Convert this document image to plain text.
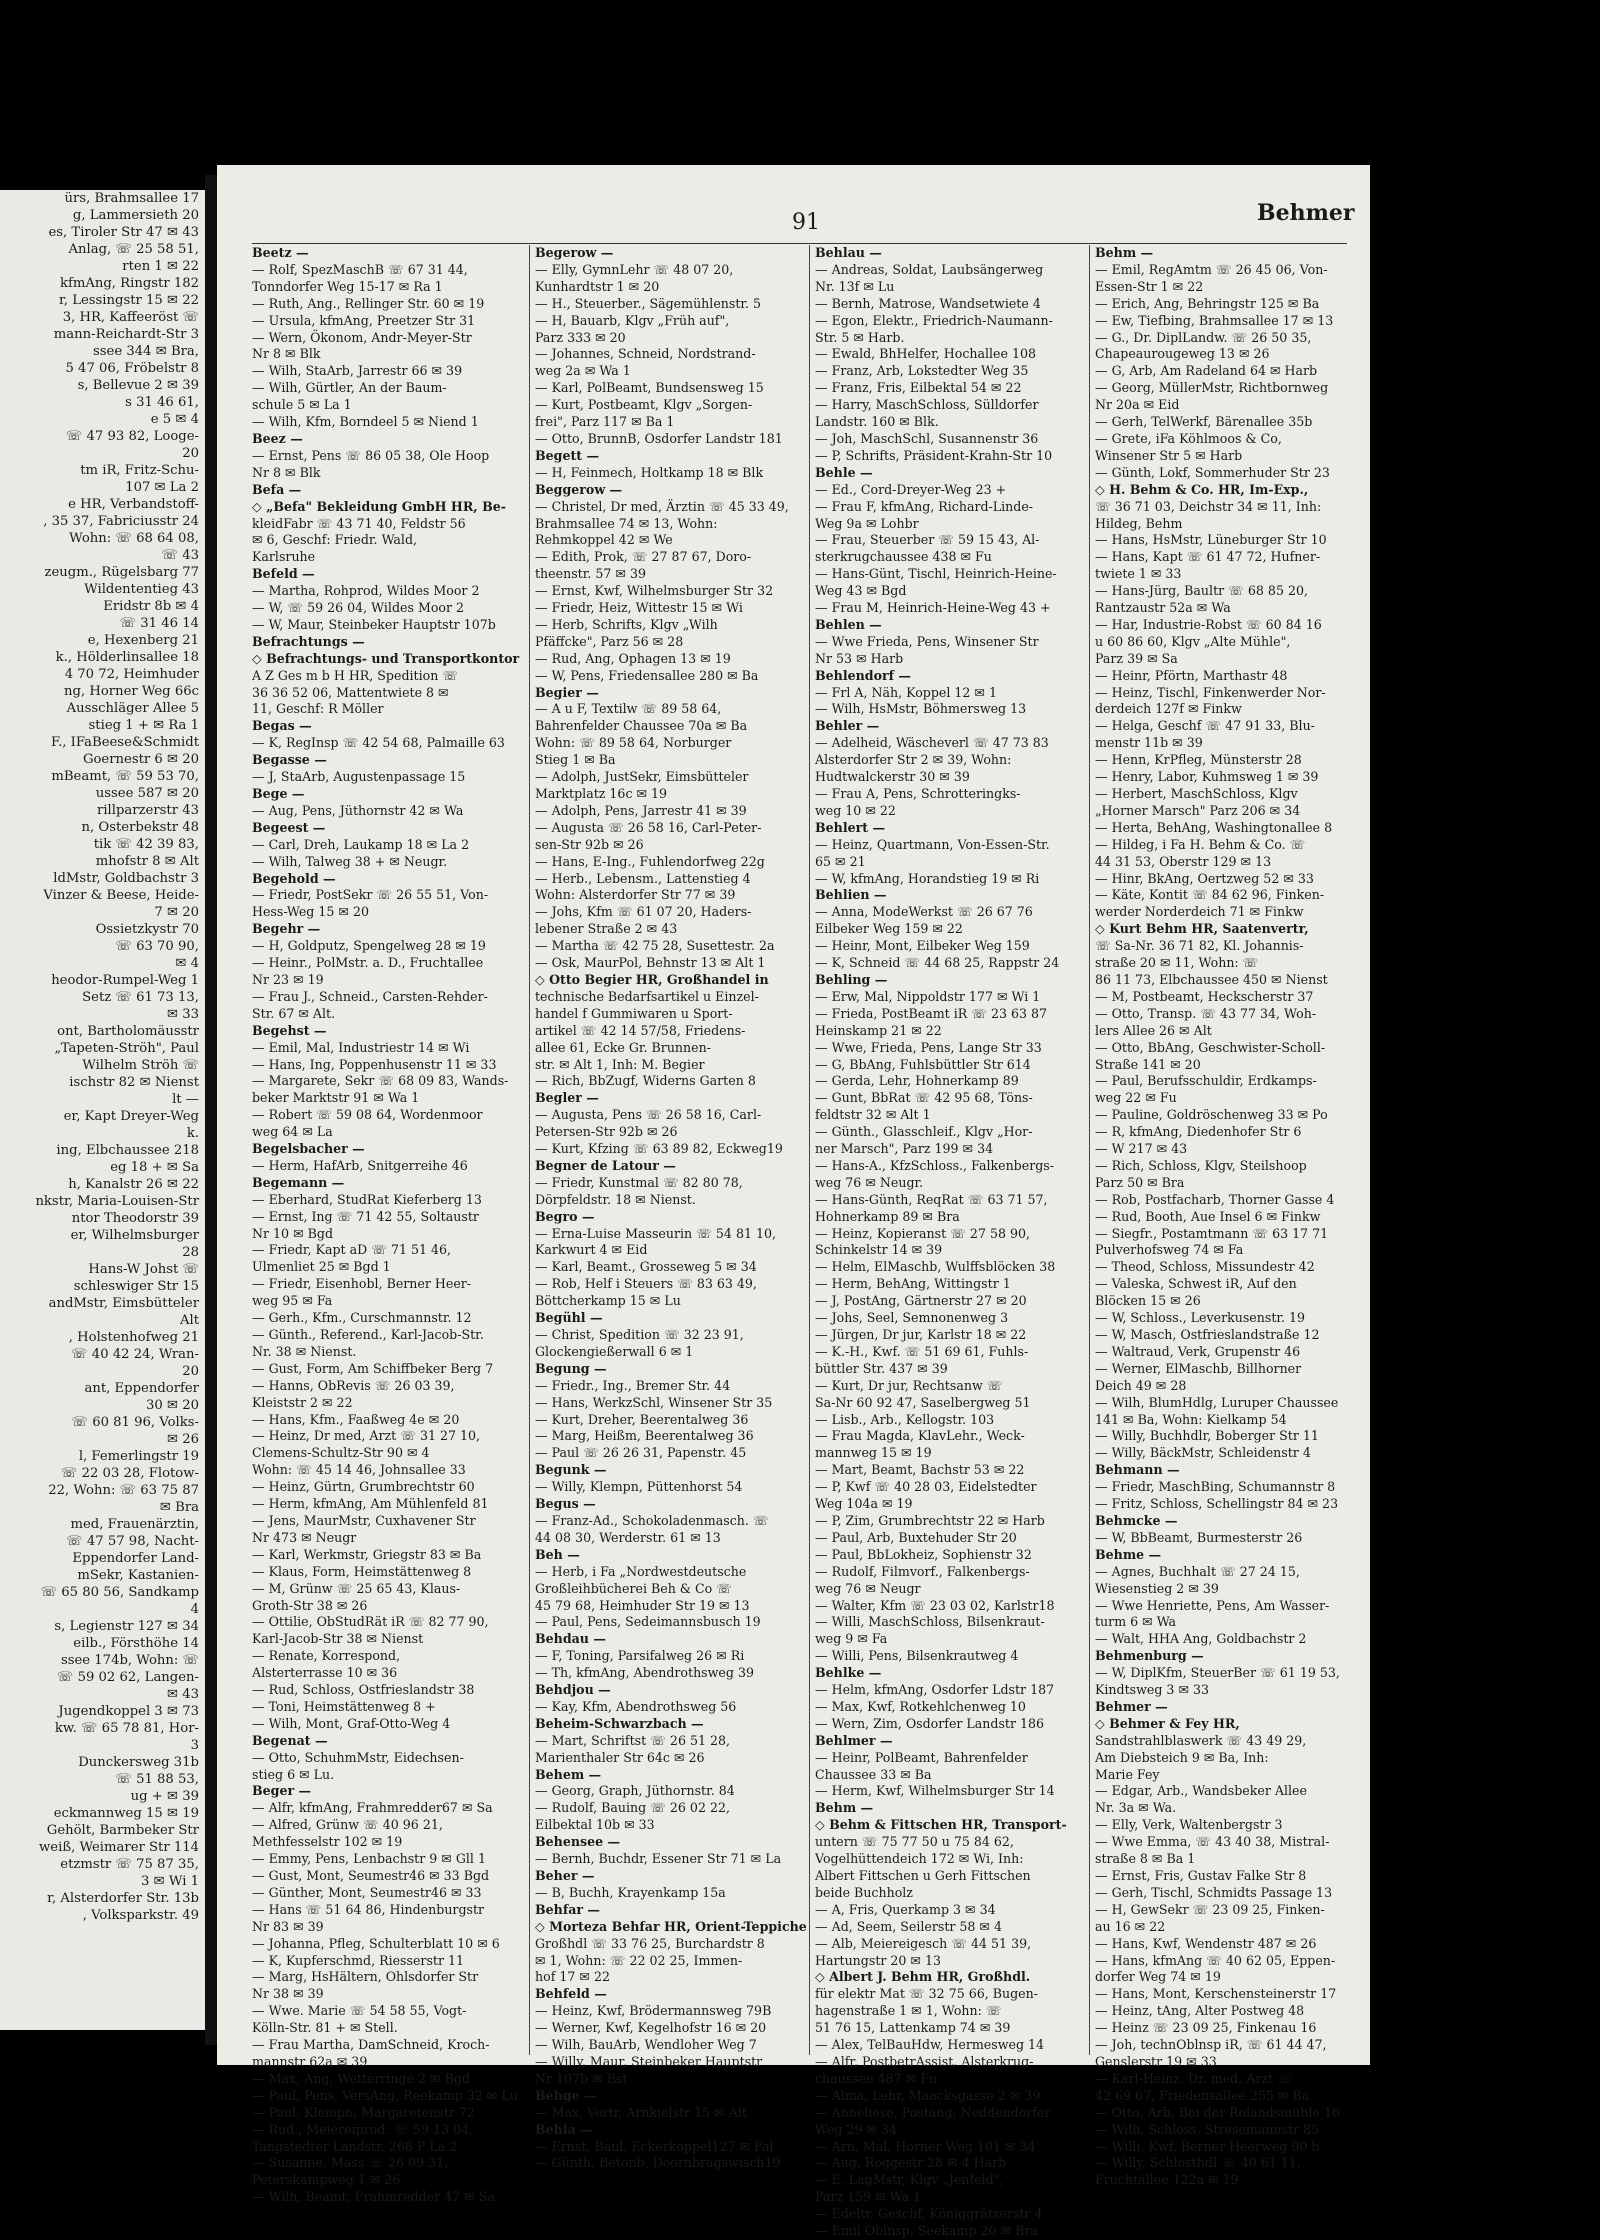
ürs, Brahmsallee 17
g, Lammersieth 20
es, Tiroler Str 47 ✉ 43
Anlag, ☏ 25 58 51,
rten 1 ✉ 22
kfmAng, Ringstr 182
r, Lessingstr 15 ✉ 22
3, HR, Kaffeeröst ☏
mann-Reichardt-Str 3
ssee 344 ✉ Bra,
5 47 06, Fröbelstr 8
s, Bellevue 2 ✉ 39
s 31 46 61,
e 5 ✉ 4
☏ 47 93 82, Looge-
20
tm iR, Fritz-Schu-
107 ✉ La 2
e HR, Verbandstoff-
, 35 37, Fabriciusstr 24
Wohn: ☏ 68 64 08,
☏ 43
zeugm., Rügelsbarg 77
Wildententieg 43
Eridstr 8b ✉ 4
☏ 31 46 14
e, Hexenberg 21
k., Hölderlinsallee 18
4 70 72, Heimhuder
ng, Horner Weg 66c
Ausschläger Allee 5
stieg 1 + ✉ Ra 1
F., IFaBeese&Schmidt
Goernestr 6 ✉ 20
mBeamt, ☏ 59 53 70,
ussee 587 ✉ 20
rillparzerstr 43
n, Osterbekstr 48
tik ☏ 42 39 83,
mhofstr 8 ✉ Alt
ldMstr, Goldbachstr 3
Vinzer & Beese, Heide-
7 ✉ 20
Ossietzkystr 70
☏ 63 70 90,
✉ 4
heodor-Rumpel-Weg 1
Setz ☏ 61 73 13,
✉ 33
ont, Bartholomäusstr
„Tapeten-Ströh", Paul
Wilhelm Ströh ☏
ischstr 82 ✉ Nienst
lt —
er, Kapt Dreyer-Weg
k.
ing, Elbchaussee 218
eg 18 + ✉ Sa
h, Kanalstr 26 ✉ 22
nkstr, Maria-Louisen-Str
ntor Theodorstr 39
er, Wilhelmsburger
28
Hans-W Johst ☏
schleswiger Str 15
andMstr, Eimsbütteler
Alt
, Holstenhofweg 21
☏ 40 42 24, Wran-
20
ant, Eppendorfer
30 ✉ 20
☏ 60 81 96, Volks-
✉ 26
l, Femerlingstr 19
☏ 22 03 28, Flotow-
22, Wohn: ☏ 63 75 87
✉ Bra
med, Frauenärztin,
☏ 47 57 98, Nacht-
Eppendorfer Land-
mSekr, Kastanien-
☏ 65 80 56, Sandkamp
4
s, Legienstr 127 ✉ 34
eilb., Försthöhe 14
ssee 174b, Wohn: ☏
☏ 59 02 62, Langen-
✉ 43
Jugendkoppel 3 ✉ 73
kw. ☏ 65 78 81, Hor-
3
Dunckersweg 31b
☏ 51 88 53,
ug + ✉ 39
eckmannweg 15 ✉ 19
Gehölt, Barmbeker Str
weiß, Weimarer Str 114
etzmstr ☏ 75 87 35,
3 ✉ Wi 1
r, Alsterdorfer Str. 13b
, Volksparkstr. 49
91	Behmer
Beetz —
— Rolf, SpezMaschB ☏ 67 31 44,
Tonndorfer Weg 15-17 ✉ Ra 1
— Ruth, Ang., Rellinger Str. 60 ✉ 19
— Ursula, kfmAng, Preetzer Str 31
— Wern, Ökonom, Andr-Meyer-Str
Nr 8 ✉ Blk
— Wilh, StaArb, Jarrestr 66 ✉ 39
— Wilh, Gürtler, An der Baum-
schule 5 ✉ La 1
— Wilh, Kfm, Borndeel 5 ✉ Niend 1
Beez —
— Ernst, Pens ☏ 86 05 38, Ole Hoop
Nr 8 ✉ Blk
Befa —
◇ „Befa" Bekleidung GmbH HR, Be-
kleidFabr ☏ 43 71 40, Feldstr 56
✉ 6, Geschf: Friedr. Wald,
Karlsruhe
Befeld —
— Martha, Rohprod, Wildes Moor 2
— W, ☏ 59 26 04, Wildes Moor 2
— W, Maur, Steinbeker Hauptstr 107b
Befrachtungs —
◇ Befrachtungs- und Transportkontor
A Z Ges m b H HR, Spedition ☏
36 36 52 06, Mattentwiete 8 ✉
11, Geschf: R Möller
Begas —
— K, RegInsp ☏ 42 54 68, Palmaille 63
Begasse —
— J, StaArb, Augustenpassage 15
Bege —
— Aug, Pens, Jüthornstr 42 ✉ Wa
Begeest —
— Carl, Dreh, Laukamp 18 ✉ La 2
— Wilh, Talweg 38 + ✉ Neugr.
Begehold —
— Friedr, PostSekr ☏ 26 55 51, Von-
Hess-Weg 15 ✉ 20
Begehr —
— H, Goldputz, Spengelweg 28 ✉ 19
— Heinr., PolMstr. a. D., Fruchtallee
Nr 23 ✉ 19
— Frau J., Schneid., Carsten-Rehder-
Str. 67 ✉ Alt.
Begehst —
— Emil, Mal, Industriestr 14 ✉ Wi
— Hans, Ing, Poppenhusenstr 11 ✉ 33
— Margarete, Sekr ☏ 68 09 83, Wands-
beker Marktstr 91 ✉ Wa 1
— Robert ☏ 59 08 64, Wordenmoor
weg 64 ✉ La
Begelsbacher —
— Herm, HafArb, Snitgerreihe 46
Begemann —
— Eberhard, StudRat Kieferberg 13
— Ernst, Ing ☏ 71 42 55, Soltaustr
Nr 10 ✉ Bgd
— Friedr, Kapt aD ☏ 71 51 46,
Ulmenliet 25 ✉ Bgd 1
— Friedr, Eisenhobl, Berner Heer-
weg 95 ✉ Fa
— Gerh., Kfm., Curschmannstr. 12
— Günth., Referend., Karl-Jacob-Str.
Nr. 38 ✉ Nienst.
— Gust, Form, Am Schiffbeker Berg 7
— Hanns, ObRevis ☏ 26 03 39,
Kleiststr 2 ✉ 22
— Hans, Kfm., Faaßweg 4e ✉ 20
— Heinz, Dr med, Arzt ☏ 31 27 10,
Clemens-Schultz-Str 90 ✉ 4
Wohn: ☏ 45 14 46, Johnsallee 33
— Heinz, Gürtn, Grumbrechtstr 60
— Herm, kfmAng, Am Mühlenfeld 81
— Jens, MaurMstr, Cuxhavener Str
Nr 473 ✉ Neugr
— Karl, Werkmstr, Griegstr 83 ✉ Ba
— Klaus, Form, Heimstättenweg 8
— M, Grünw ☏ 25 65 43, Klaus-
Groth-Str 38 ✉ 26
— Ottilie, ObStudRät iR ☏ 82 77 90,
Karl-Jacob-Str 38 ✉ Nienst
— Renate, Korrespond,
Alsterterrasse 10 ✉ 36
— Rud, Schloss, Ostfrieslandstr 38
— Toni, Heimstättenweg 8 +
— Wilh, Mont, Graf-Otto-Weg 4
Begenat —
— Otto, SchuhmMstr, Eidechsen-
stieg 6 ✉ Lu.
Beger —
— Alfr, kfmAng, Frahmredder67 ✉ Sa
— Alfred, Grünw ☏ 40 96 21,
Methfesselstr 102 ✉ 19
— Emmy, Pens, Lenbachstr 9 ✉ Gll 1
— Gust, Mont, Seumestr46 ✉ 33 Bgd
— Günther, Mont, Seumestr46 ✉ 33
— Hans ☏ 51 64 86, Hindenburgstr
Nr 83 ✉ 39
— Johanna, Pfleg, Schulterblatt 10 ✉ 6
— K, Kupferschmd, Riesserstr 11
— Marg, HsHältern, Ohlsdorfer Str
Nr 38 ✉ 39
— Wwe. Marie ☏ 54 58 55, Vogt-
Kölln-Str. 81 + ✉ Stell.
— Frau Martha, DamSchneid, Kroch-
mannstr 62a ✉ 39
— Max, Ang, Wetterringe 2 ✉ Bgd
— Paul, Pens, VersAng, Reekamp 32 ✉ Lu
— Paul, Klempn, Margaretenstr 72
— Rud., Meiereiprod. ☏ 59 13 04,
Tangstedter Landstr. 268 P La 2
— Susanne, Mass ☏ 26 09 31,
Peterskampweg 1 ✉ 26
— Wilh, Beamt, Frahmredder 47 ✉ Sa
Begerow —
— Elly, GymnLehr ☏ 48 07 20,
Kunhardtstr 1 ✉ 20
— H., Steuerber., Sägemühlenstr. 5
— H, Bauarb, Klgv „Früh auf",
Parz 333 ✉ 20
— Johannes, Schneid, Nordstrand-
weg 2a ✉ Wa 1
— Karl, PolBeamt, Bundsensweg 15
— Kurt, Postbeamt, Klgv „Sorgen-
frei", Parz 117 ✉ Ba 1
— Otto, BrunnB, Osdorfer Landstr 181
Begett —
— H, Feinmech, Holtkamp 18 ✉ Blk
Beggerow —
— Christel, Dr med, Ärztin ☏ 45 33 49,
Brahmsallee 74 ✉ 13, Wohn:
Rehmkoppel 42 ✉ We
— Edith, Prok, ☏ 27 87 67, Doro-
theenstr. 57 ✉ 39
— Ernst, Kwf, Wilhelmsburger Str 32
— Friedr, Heiz, Wittestr 15 ✉ Wi
— Herb, Schrifts, Klgv „Wilh
Pfäffcke", Parz 56 ✉ 28
— Rud, Ang, Ophagen 13 ✉ 19
— W, Pens, Friedensallee 280 ✉ Ba
Begier —
— A u F, Textilw ☏ 89 58 64,
Bahrenfelder Chaussee 70a ✉ Ba
Wohn: ☏ 89 58 64, Norburger
Stieg 1 ✉ Ba
— Adolph, JustSekr, Eimsbütteler
Marktplatz 16c ✉ 19
— Adolph, Pens, Jarrestr 41 ✉ 39
— Augusta ☏ 26 58 16, Carl-Peter-
sen-Str 92b ✉ 26
— Hans, E-Ing., Fuhlendorfweg 22g
— Herb., Lebensm., Lattenstieg 4
Wohn: Alsterdorfer Str 77 ✉ 39
— Johs, Kfm ☏ 61 07 20, Haders-
lebener Straße 2 ✉ 43
— Martha ☏ 42 75 28, Susettestr. 2a
— Osk, MaurPol, Behnstr 13 ✉ Alt 1
◇ Otto Begier HR, Großhandel in
technische Bedarfsartikel u Einzel-
handel f Gummiwaren u Sport-
artikel ☏ 42 14 57/58, Friedens-
allee 61, Ecke Gr. Brunnen-
str. ✉ Alt 1, Inh: M. Begier
— Rich, BbZugf, Widerns Garten 8
Begler —
— Augusta, Pens ☏ 26 58 16, Carl-
Petersen-Str 92b ✉ 26
— Kurt, Kfzing ☏ 63 89 82, Eckweg19
Begner de Latour —
— Friedr, Kunstmal ☏ 82 80 78,
Dörpfeldstr. 18 ✉ Nienst.
Begro —
— Erna-Luise Masseurin ☏ 54 81 10,
Karkwurt 4 ✉ Eid
— Karl, Beamt., Grosseweg 5 ✉ 34
— Rob, Helf i Steuers ☏ 83 63 49,
Böttcherkamp 15 ✉ Lu
Begühl —
— Christ, Spedition ☏ 32 23 91,
Glockengießerwall 6 ✉ 1
Begung —
— Friedr., Ing., Bremer Str. 44
— Hans, WerkzSchl, Winsener Str 35
— Kurt, Dreher, Beerentalweg 36
— Marg, Heißm, Beerentalweg 36
— Paul ☏ 26 26 31, Papenstr. 45
Begunk —
— Willy, Klempn, Püttenhorst 54
Begus —
— Franz-Ad., Schokoladenmasch. ☏
44 08 30, Werderstr. 61 ✉ 13
Beh —
— Herb, i Fa „Nordwestdeutsche
Großleihbücherei Beh & Co ☏
45 79 68, Heimhuder Str 19 ✉ 13
— Paul, Pens, Sedeimannsbusch 19
Behdau —
— F, Toning, Parsifalweg 26 ✉ Ri
— Th, kfmAng, Abendrothsweg 39
Behdjou —
— Kay, Kfm, Abendrothsweg 56
Beheim-Schwarzbach —
— Mart, Schriftst ☏ 26 51 28,
Marienthaler Str 64c ✉ 26
Behem —
— Georg, Graph, Jüthornstr. 84
— Rudolf, Bauing ☏ 26 02 22,
Eilbektal 10b ✉ 33
Behensee —
— Bernh, Buchdr, Essener Str 71 ✉ La
Beher —
— B, Buchh, Krayenkamp 15a
Behfar —
◇ Morteza Behfar HR, Orient-Teppiche
Großhdl ☏ 33 76 25, Burchardstr 8
✉ 1, Wohn: ☏ 22 02 25, Immen-
hof 17 ✉ 22
Behfeld —
— Heinz, Kwf, Brödermannsweg 79B
— Werner, Kwf, Kegelhofstr 16 ✉ 20
— Wilh, BauArb, Wendloher Weg 7
— Willy, Maur, Steinbeker Hauptstr
Nr 107b ✉ Bst
Behge —
— Max, Vertr, Arnkielstr 15 ✉ Alt
Behla —
— Ernst, Baul, Eckerkoppel127 ✉ Fal
— Günth, Betonb, Doornbragswisch19
Behlau —
— Andreas, Soldat, Laubsängerweg
Nr. 13f ✉ Lu
— Bernh, Matrose, Wandsetwiete 4
— Egon, Elektr., Friedrich-Naumann-
Str. 5 ✉ Harb.
— Ewald, BhHelfer, Hochallee 108
— Franz, Arb, Lokstedter Weg 35
— Franz, Fris, Eilbektal 54 ✉ 22
— Harry, MaschSchloss, Sülldorfer
Landstr. 160 ✉ Blk.
— Joh, MaschSchl, Susannenstr 36
— P, Schrifts, Präsident-Krahn-Str 10
Behle —
— Ed., Cord-Dreyer-Weg 23 +
— Frau F, kfmAng, Richard-Linde-
Weg 9a ✉ Lohbr
— Frau, Steuerber ☏ 59 15 43, Al-
sterkrugchaussee 438 ✉ Fu
— Hans-Günt, Tischl, Heinrich-Heine-
Weg 43 ✉ Bgd
— Frau M, Heinrich-Heine-Weg 43 +
Behlen —
— Wwe Frieda, Pens, Winsener Str
Nr 53 ✉ Harb
Behlendorf —
— Frl A, Näh, Koppel 12 ✉ 1
— Wilh, HsMstr, Böhmersweg 13
Behler —
— Adelheid, Wäscheverl ☏ 47 73 83
Alsterdorfer Str 2 ✉ 39, Wohn:
Hudtwalckerstr 30 ✉ 39
— Frau A, Pens, Schrotteringks-
weg 10 ✉ 22
Behlert —
— Heinz, Quartmann, Von-Essen-Str.
65 ✉ 21
— W, kfmAng, Horandstieg 19 ✉ Ri
Behlien —
— Anna, ModeWerkst ☏ 26 67 76
Eilbeker Weg 159 ✉ 22
— Heinr, Mont, Eilbeker Weg 159
— K, Schneid ☏ 44 68 25, Rappstr 24
Behling —
— Erw, Mal, Nippoldstr 177 ✉ Wi 1
— Frieda, PostBeamt iR ☏ 23 63 87
Heinskamp 21 ✉ 22
— Wwe, Frieda, Pens, Lange Str 33
— G, BbAng, Fuhlsbüttler Str 614
— Gerda, Lehr, Hohnerkamp 89
— Gunt, BbRat ☏ 42 95 68, Töns-
feldtstr 32 ✉ Alt 1
— Günth., Glasschleif., Klgv „Hor-
ner Marsch", Parz 199 ✉ 34
— Hans-A., KfzSchloss., Falkenbergs-
weg 76 ✉ Neugr.
— Hans-Günth, ReqRat ☏ 63 71 57,
Hohnerkamp 89 ✉ Bra
— Heinz, Kopieranst ☏ 27 58 90,
Schinkelstr 14 ✉ 39
— Helm, ElMaschb, Wulffsblöcken 38
— Herm, BehAng, Wittingstr 1
— J, PostAng, Gärtnerstr 27 ✉ 20
— Johs, Seel, Semnonenweg 3
— Jürgen, Dr jur, Karlstr 18 ✉ 22
— K.-H., Kwf. ☏ 51 69 61, Fuhls-
büttler Str. 437 ✉ 39
— Kurt, Dr jur, Rechtsanw ☏
Sa-Nr 60 92 47, Saselbergweg 51
— Lisb., Arb., Kellogstr. 103
— Frau Magda, KlavLehr., Weck-
mannweg 15 ✉ 19
— Mart, Beamt, Bachstr 53 ✉ 22
— P, Kwf ☏ 40 28 03, Eidelstedter
Weg 104a ✉ 19
— P, Zim, Grumbrechtstr 22 ✉ Harb
— Paul, Arb, Buxtehuder Str 20
— Paul, BbLokheiz, Sophienstr 32
— Rudolf, Filmvorf., Falkenbergs-
weg 76 ✉ Neugr
— Walter, Kfm ☏ 23 03 02, Karlstr18
— Willi, MaschSchloss, Bilsenkraut-
weg 9 ✉ Fa
— Willi, Pens, Bilsenkrautweg 4
Behlke —
— Helm, kfmAng, Osdorfer Ldstr 187
— Max, Kwf, Rotkehlchenweg 10
— Wern, Zim, Osdorfer Landstr 186
Behlmer —
— Heinr, PolBeamt, Bahrenfelder
Chaussee 33 ✉ Ba
— Herm, Kwf, Wilhelmsburger Str 14
Behm —
◇ Behm & Fittschen HR, Transport-
untern ☏ 75 77 50 u 75 84 62,
Vogelhüttendeich 172 ✉ Wi, Inh:
Albert Fittschen u Gerh Fittschen
beide Buchholz
— A, Fris, Querkamp 3 ✉ 34
— Ad, Seem, Seilerstr 58 ✉ 4
— Alb, Meiereigesch ☏ 44 51 39,
Hartungstr 20 ✉ 13
◇ Albert J. Behm HR, Großhdl.
für elektr Mat ☏ 32 75 66, Bugen-
hagenstraße 1 ✉ 1, Wohn: ☏
51 76 15, Lattenkamp 74 ✉ 39
— Alex, TelBauHdw, Hermesweg 14
— Alfr, PostbetrAssist, Alsterkrug-
chaussee 487 ✉ Fu
— Alma, Lehr, Maacksgasse 2 ✉ 39
— Anneliese, Postang, Neddendorfer
Weg 29 ✉ 34
— Arn, Mal, Horner Weg 101 ✉ 34
— Aug, Roggestr 28 ✉ 4 Harb
— E, LagMstr, Klgv „Jenfeld",
Parz 159 ✉ Wa 1
— Edeltr, Geschf, Königgrätzerstr 4
— Emil Oblnsp, Seekamp 20 ✉ Bra
Behm —
— Emil, RegAmtm ☏ 26 45 06, Von-
Essen-Str 1 ✉ 22
— Erich, Ang, Behringstr 125 ✉ Ba
— Ew, Tiefbing, Brahmsallee 17 ✉ 13
— G., Dr. DiplLandw. ☏ 26 50 35,
Chapeaurougeweg 13 ✉ 26
— G, Arb, Am Radeland 64 ✉ Harb
— Georg, MüllerMstr, Richtbornweg
Nr 20a ✉ Eid
— Gerh, TelWerkf, Bärenallee 35b
— Grete, iFa Köhlmoos & Co,
Winsener Str 5 ✉ Harb
— Günth, Lokf, Sommerhuder Str 23
◇ H. Behm & Co. HR, Im-Exp.,
☏ 36 71 03, Deichstr 34 ✉ 11, Inh:
Hildeg, Behm
— Hans, HsMstr, Lüneburger Str 10
— Hans, Kapt ☏ 61 47 72, Hufner-
twiete 1 ✉ 33
— Hans-Jürg, Baultr ☏ 68 85 20,
Rantzaustr 52a ✉ Wa
— Har, Industrie-Robst ☏ 60 84 16
u 60 86 60, Klgv „Alte Mühle",
Parz 39 ✉ Sa
— Heinr, Pförtn, Marthastr 48
— Heinz, Tischl, Finkenwerder Nor-
derdeich 127f ✉ Finkw
— Helga, Geschf ☏ 47 91 33, Blu-
menstr 11b ✉ 39
— Henn, KrPfleg, Münsterstr 28
— Henry, Labor, Kuhmsweg 1 ✉ 39
— Herbert, MaschSchloss, Klgv
„Horner Marsch" Parz 206 ✉ 34
— Herta, BehAng, Washingtonallee 8
— Hildeg, i Fa H. Behm & Co. ☏
44 31 53, Oberstr 129 ✉ 13
— Hinr, BkAng, Oertzweg 52 ✉ 33
— Käte, Kontit ☏ 84 62 96, Finken-
werder Norderdeich 71 ✉ Finkw
◇ Kurt Behm HR, Saatenvertr,
☏ Sa-Nr. 36 71 82, Kl. Johannis-
straße 20 ✉ 11, Wohn: ☏
86 11 73, Elbchaussee 450 ✉ Nienst
— M, Postbeamt, Heckscherstr 37
— Otto, Transp. ☏ 43 77 34, Woh-
lers Allee 26 ✉ Alt
— Otto, BbAng, Geschwister-Scholl-
Straße 141 ✉ 20
— Paul, Berufsschuldir, Erdkamps-
weg 22 ✉ Fu
— Pauline, Goldröschenweg 33 ✉ Po
— R, kfmAng, Diedenhofer Str 6
— W 217 ✉ 43
— Rich, Schloss, Klgv, Steilshoop
Parz 50 ✉ Bra
— Rob, Postfacharb, Thorner Gasse 4
— Rud, Booth, Aue Insel 6 ✉ Finkw
— Siegfr., Postamtmann ☏ 63 17 71
Pulverhofsweg 74 ✉ Fa
— Theod, Schloss, Missundestr 42
— Valeska, Schwest iR, Auf den
Blöcken 15 ✉ 26
— W, Schloss., Leverkusenstr. 19
— W, Masch, Ostfrieslandstraße 12
— Waltraud, Verk, Grupenstr 46
— Werner, ElMaschb, Billhorner
Deich 49 ✉ 28
— Wilh, BlumHdlg, Luruper Chaussee
141 ✉ Ba, Wohn: Kielkamp 54
— Willy, Buchhdlr, Boberger Str 11
— Willy, BäckMstr, Schleidenstr 4
Behmann —
— Friedr, MaschBing, Schumannstr 8
— Fritz, Schloss, Schellingstr 84 ✉ 23
Behmcke —
— W, BbBeamt, Burmesterstr 26
Behme —
— Agnes, Buchhalt ☏ 27 24 15,
Wiesenstieg 2 ✉ 39
— Wwe Henriette, Pens, Am Wasser-
turm 6 ✉ Wa
— Walt, HHA Ang, Goldbachstr 2
Behmenburg —
— W, DiplKfm, SteuerBer ☏ 61 19 53,
Kindtsweg 3 ✉ 33
Behmer —
◇ Behmer & Fey HR,
Sandstrahlblaswerk ☏ 43 49 29,
Am Diebsteich 9 ✉ Ba, Inh:
Marie Fey
— Edgar, Arb., Wandsbeker Allee
Nr. 3a ✉ Wa.
— Elly, Verk, Waltenbergstr 3
— Wwe Emma, ☏ 43 40 38, Mistral-
straße 8 ✉ Ba 1
— Ernst, Fris, Gustav Falke Str 8
— Gerh, Tischl, Schmidts Passage 13
— H, GewSekr ☏ 23 09 25, Finken-
au 16 ✉ 22
— Hans, Kwf, Wendenstr 487 ✉ 26
— Hans, kfmAng ☏ 40 62 05, Eppen-
dorfer Weg 74 ✉ 19
— Hans, Mont, Kerschensteinerstr 17
— Heinz, tAng, Alter Postweg 48
— Heinz ☏ 23 09 25, Finkenau 16
— Joh, technOblnsp iR, ☏ 61 44 47,
Genslerstr 19 ✉ 33
— Karl-Heinz, Dr. med, Arzt ☏
42 69 67, Friedensallee 255 ✉ Ba
— Otto, Arb, Bei der Rolandsmühle 16
— Wilh, Schloss, Stresemannstr 85
— Willi, Kwf, Berner Heerweg 90 b
— Willy, Schlosthdl ☏ 40 61 11,
Fruchtallee 122a ✉ 19
